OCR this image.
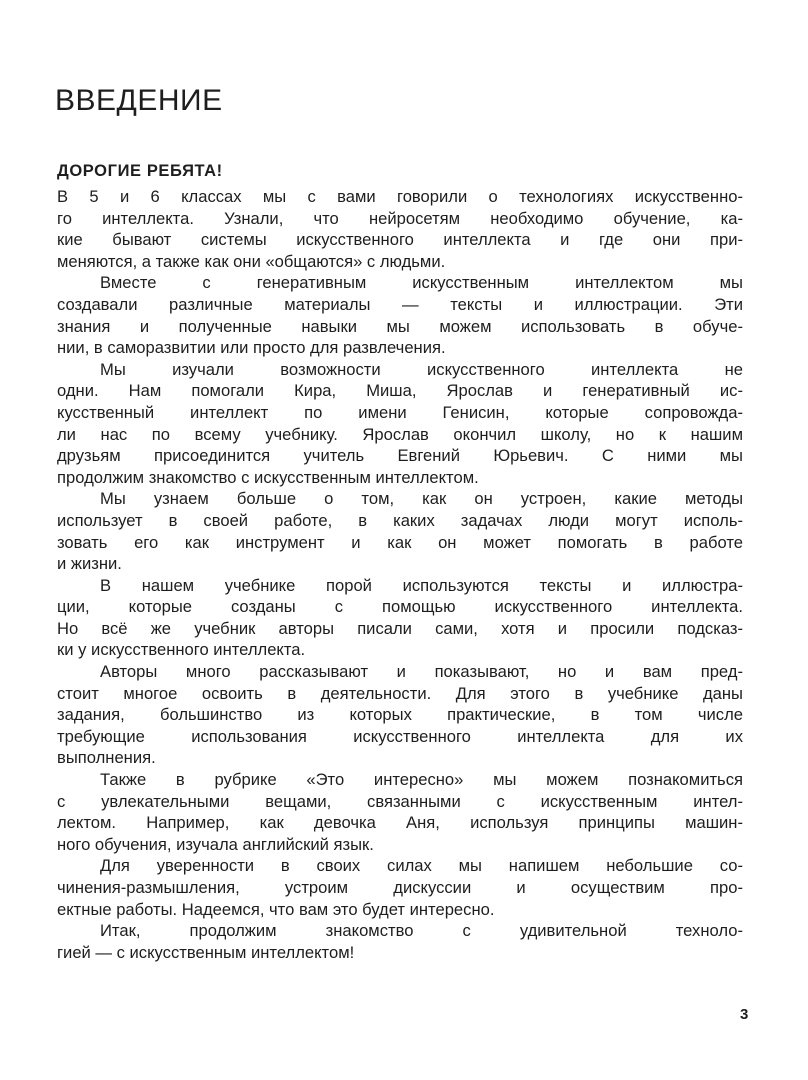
ВВЕДЕНИЕ
ДОРОГИЕ РЕБЯТА!

В 5 и 6 классах мы с вами говорили о технологиях искусственно-
го интеллекта. Узнали, что нейросетям необходимо обучение, ка-
кие бывают системы искусственного интеллекта и где они при-
меняются, а также как они «общаются» с людьми.

Вместе с генеративным искусственным интеллектом мы
создавали различные материалы — тексты и иллюстрации. Эти
знания и полученные навыки мы можем использовать в обуче-
нии, в саморазвитии или просто для развлечения.

Мы изучали возможности искусственного интеллекта не
одни. Нам помогали Кира, Миша, Ярослав и генеративный ис-
кусственный интеллект по имени Генисин, которые сопровожда-
ли нас по всему учебнику. Ярослав окончил школу, но к нашим
друзьям присоединится учитель Евгений Юрьевич. С ними мы
продолжим знакомство с искусственным интеллектом.

Мы узнаем больше о том, как он устроен, какие методы
использует в своей работе, в каких задачах люди могут исполь-
зовать его как инструмент и как он может помогать в работе
и жизни.

В нашем учебнике порой используются тексты и иллюстра-
ции, которые созданы с помощью искусственного интеллекта.
Но всё же учебник авторы писали сами, хотя и просили подсказ-
ки у искусственного интеллекта.

Авторы много рассказывают и показывают, но и вам пред-
стоит многое освоить в деятельности. Для этого в учебнике даны
задания, большинство из которых практические, в том числе
требующие использования искусственного интеллекта для их
выполнения.

Также в рубрике «Это интересно» мы можем познакомиться
с увлекательными вещами, связанными с искусственным интел-
лектом. Например, как девочка Аня, используя принципы машин-
ного обучения, изучала английский язык.

Для уверенности в своих силах мы напишем небольшие со-
чинения-размышления, устроим дискуссии и осуществим про-
ектные работы. Надеемся, что вам это будет интересно.

Итак, продолжим знакомство с удивительной техноло-
гией — с искусственным интеллектом!

3
